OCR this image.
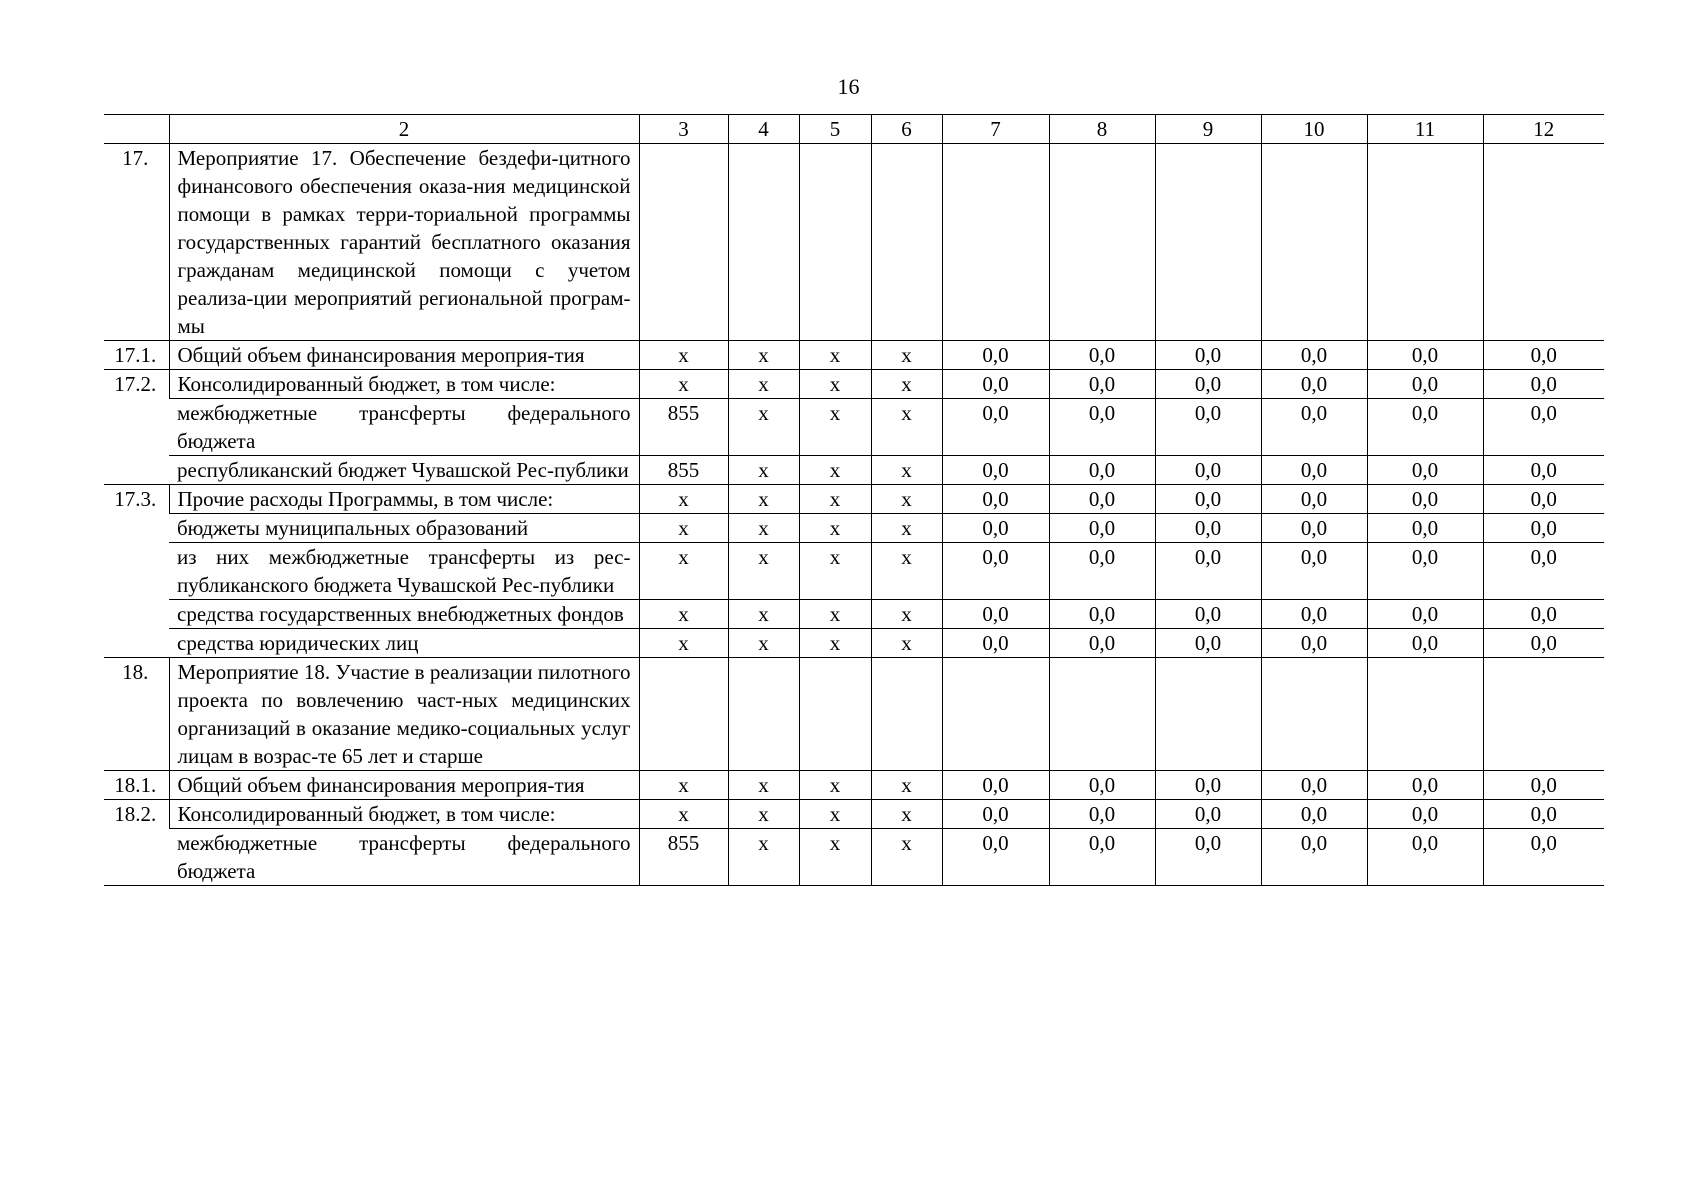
16
	2	3	4	5	6	7	8	9	10	11	12
17.	Мероприятие 17. Обеспечение бездефи-цитного финансового обеспечения оказа-ния медицинской помощи в рамках терри-ториальной программы государственных гарантий бесплатного оказания гражданам медицинской помощи с учетом реализа-ции мероприятий региональной програм-мы										
17.1.	Общий объем финансирования мероприя-тия	x	x	x	x	0,0	0,0	0,0	0,0	0,0	0,0
17.2.	Консолидированный бюджет, в том числе:	x	x	x	x	0,0	0,0	0,0	0,0	0,0	0,0
	межбюджетные трансферты федерального бюджета	855	x	x	x	0,0	0,0	0,0	0,0	0,0	0,0
	республиканский бюджет Чувашской Рес-публики	855	x	x	x	0,0	0,0	0,0	0,0	0,0	0,0
17.3.	Прочие расходы Программы, в том числе:	x	x	x	x	0,0	0,0	0,0	0,0	0,0	0,0
	бюджеты муниципальных образований	x	x	x	x	0,0	0,0	0,0	0,0	0,0	0,0
	из них межбюджетные трансферты из рес-публиканского бюджета Чувашской Рес-публики	x	x	x	x	0,0	0,0	0,0	0,0	0,0	0,0
	средства государственных внебюджетных фондов	x	x	x	x	0,0	0,0	0,0	0,0	0,0	0,0
	средства юридических лиц	x	x	x	x	0,0	0,0	0,0	0,0	0,0	0,0
18.	Мероприятие 18. Участие в реализации пилотного проекта по вовлечению част-ных медицинских организаций в оказание медико-социальных услуг лицам в возрас-те 65 лет и старше										
18.1.	Общий объем финансирования мероприя-тия	x	x	x	x	0,0	0,0	0,0	0,0	0,0	0,0
18.2.	Консолидированный бюджет, в том числе:	x	x	x	x	0,0	0,0	0,0	0,0	0,0	0,0
	межбюджетные трансферты федерального бюджета	855	x	x	x	0,0	0,0	0,0	0,0	0,0	0,0
